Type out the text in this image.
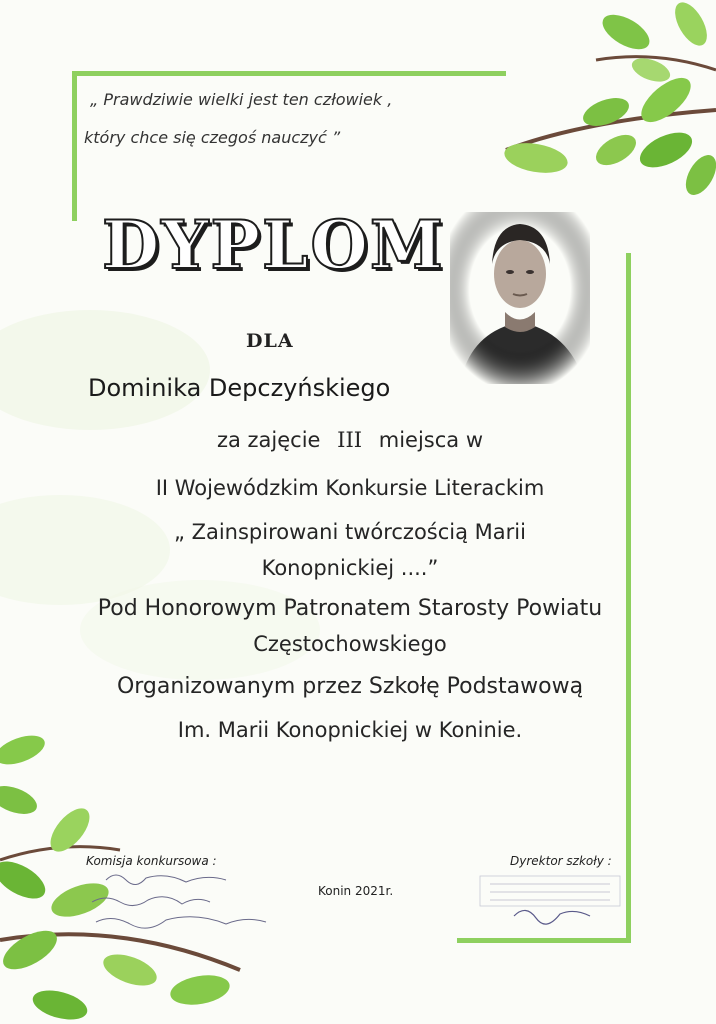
„ Prawdziwie wielki jest ten człowiek ,
który chce się czegoś nauczyć ”
DYPLOM
DLA
Dominika Depczyńskiego
za zajęcie III miejsca w
II Wojewódzkim Konkursie Literackim
„ Zainspirowani twórczością Marii
Konopnickiej ....”
Pod Honorowym Patronatem Starosty Powiatu
Częstochowskiego
Organizowanym przez Szkołę Podstawową
Im. Marii Konopnickiej w Koninie.
Komisja konkursowa :
Konin 2021r.
Dyrektor szkoły :
